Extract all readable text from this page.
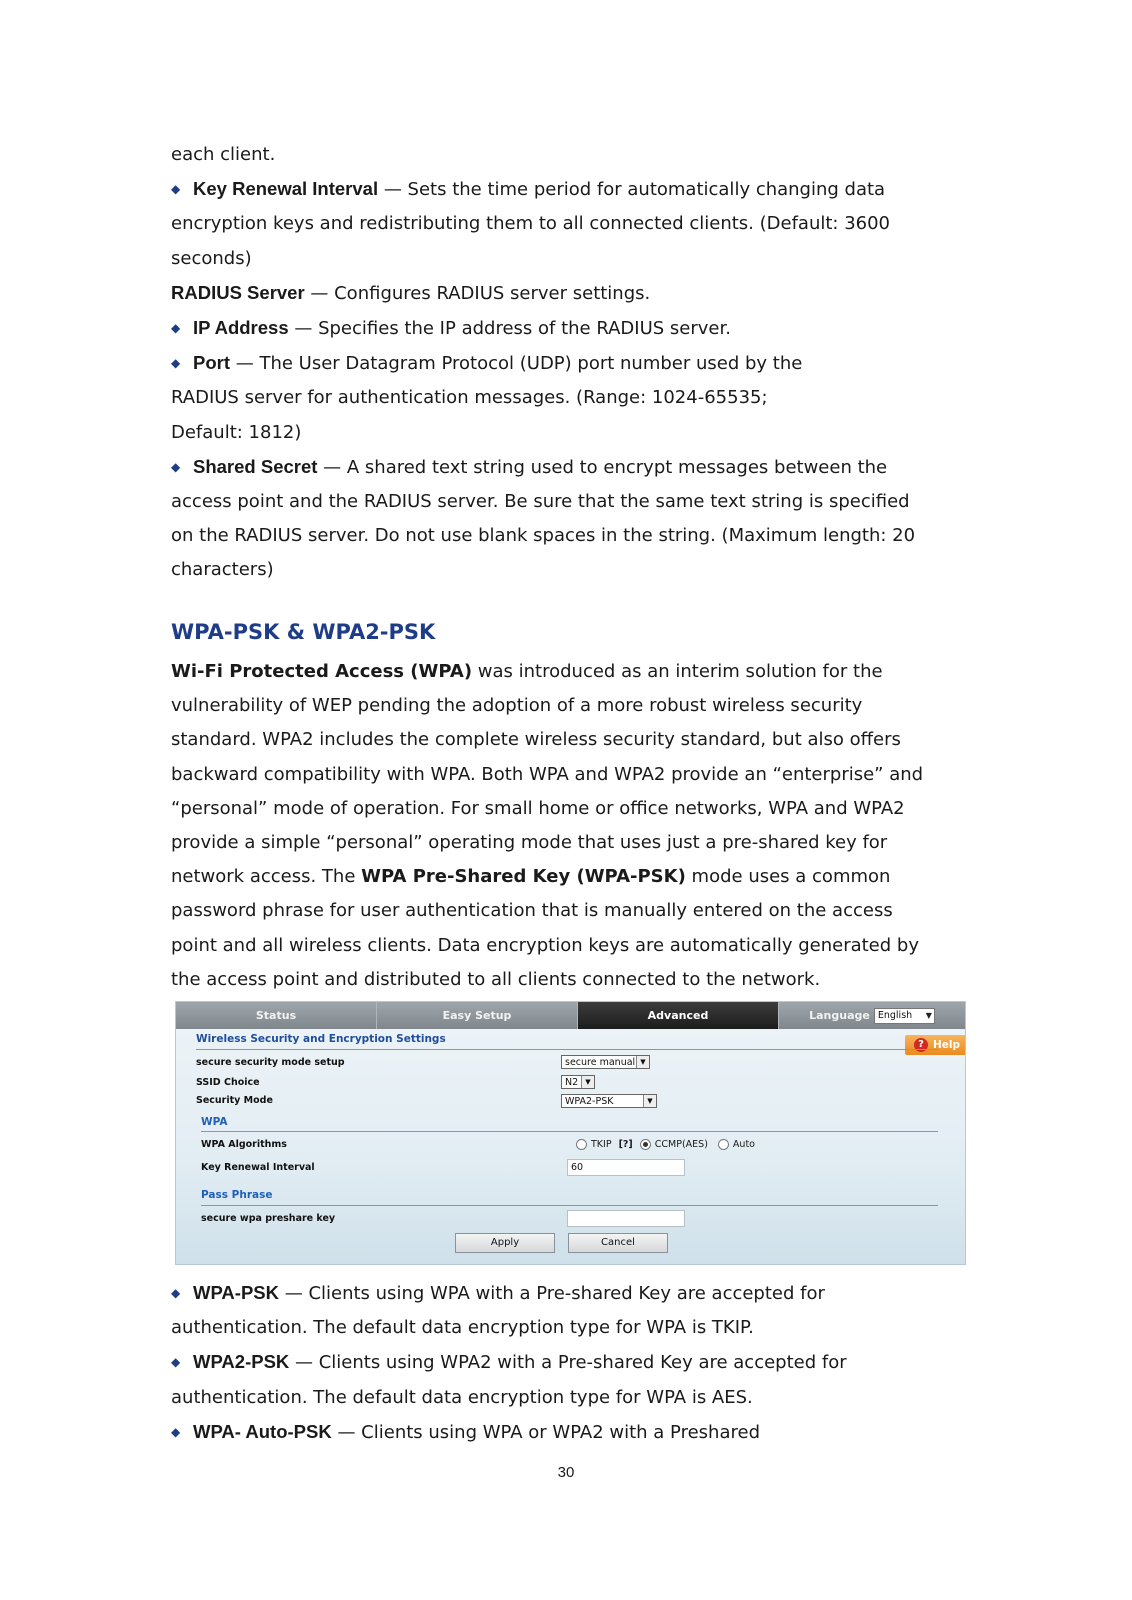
each client.

◆ Key Renewal Interval — Sets the time period for automatically changing data

encryption keys and redistributing them to all connected clients. (Default: 3600

seconds)

RADIUS Server — Configures RADIUS server settings.

◆ IP Address — Specifies the IP address of the RADIUS server.

◆ Port — The User Datagram Protocol (UDP) port number used by the

RADIUS server for authentication messages. (Range: 1024-65535;

Default: 1812)

◆ Shared Secret — A shared text string used to encrypt messages between the

access point and the RADIUS server. Be sure that the same text string is specified

on the RADIUS server. Do not use blank spaces in the string. (Maximum length: 20

characters)

WPA-PSK & WPA2-PSK

Wi-Fi Protected Access (WPA) was introduced as an interim solution for the

vulnerability of WEP pending the adoption of a more robust wireless security

standard. WPA2 includes the complete wireless security standard, but also offers

backward compatibility with WPA. Both WPA and WPA2 provide an “enterprise” and

“personal” mode of operation. For small home or office networks, WPA and WPA2

provide a simple “personal” operating mode that uses just a pre-shared key for

network access. The WPA Pre-Shared Key (WPA-PSK) mode uses a common

password phrase for user authentication that is manually entered on the access

point and all wireless clients. Data encryption keys are automatically generated by

the access point and distributed to all clients connected to the network.

Status	Easy Setup	Advanced	Language English ▼
Wireless Security and Encryption Settings	? Help
secure security mode setup	secure manual ▼
SSID Choice	N2	▼
Security Mode	WPA2-PSK	▼
WPA
WPA Algorithms	TKIP [?] CCMP(AES)	Auto
Key Renewal Interval	60
Pass Phrase
secure wpa preshare key
Apply	Cancel

◆ WPA-PSK — Clients using WPA with a Pre-shared Key are accepted for

authentication. The default data encryption type for WPA is TKIP.

◆ WPA2-PSK — Clients using WPA2 with a Pre-shared Key are accepted for

authentication. The default data encryption type for WPA is AES.

◆ WPA- Auto-PSK — Clients using WPA or WPA2 with a Preshared

30
